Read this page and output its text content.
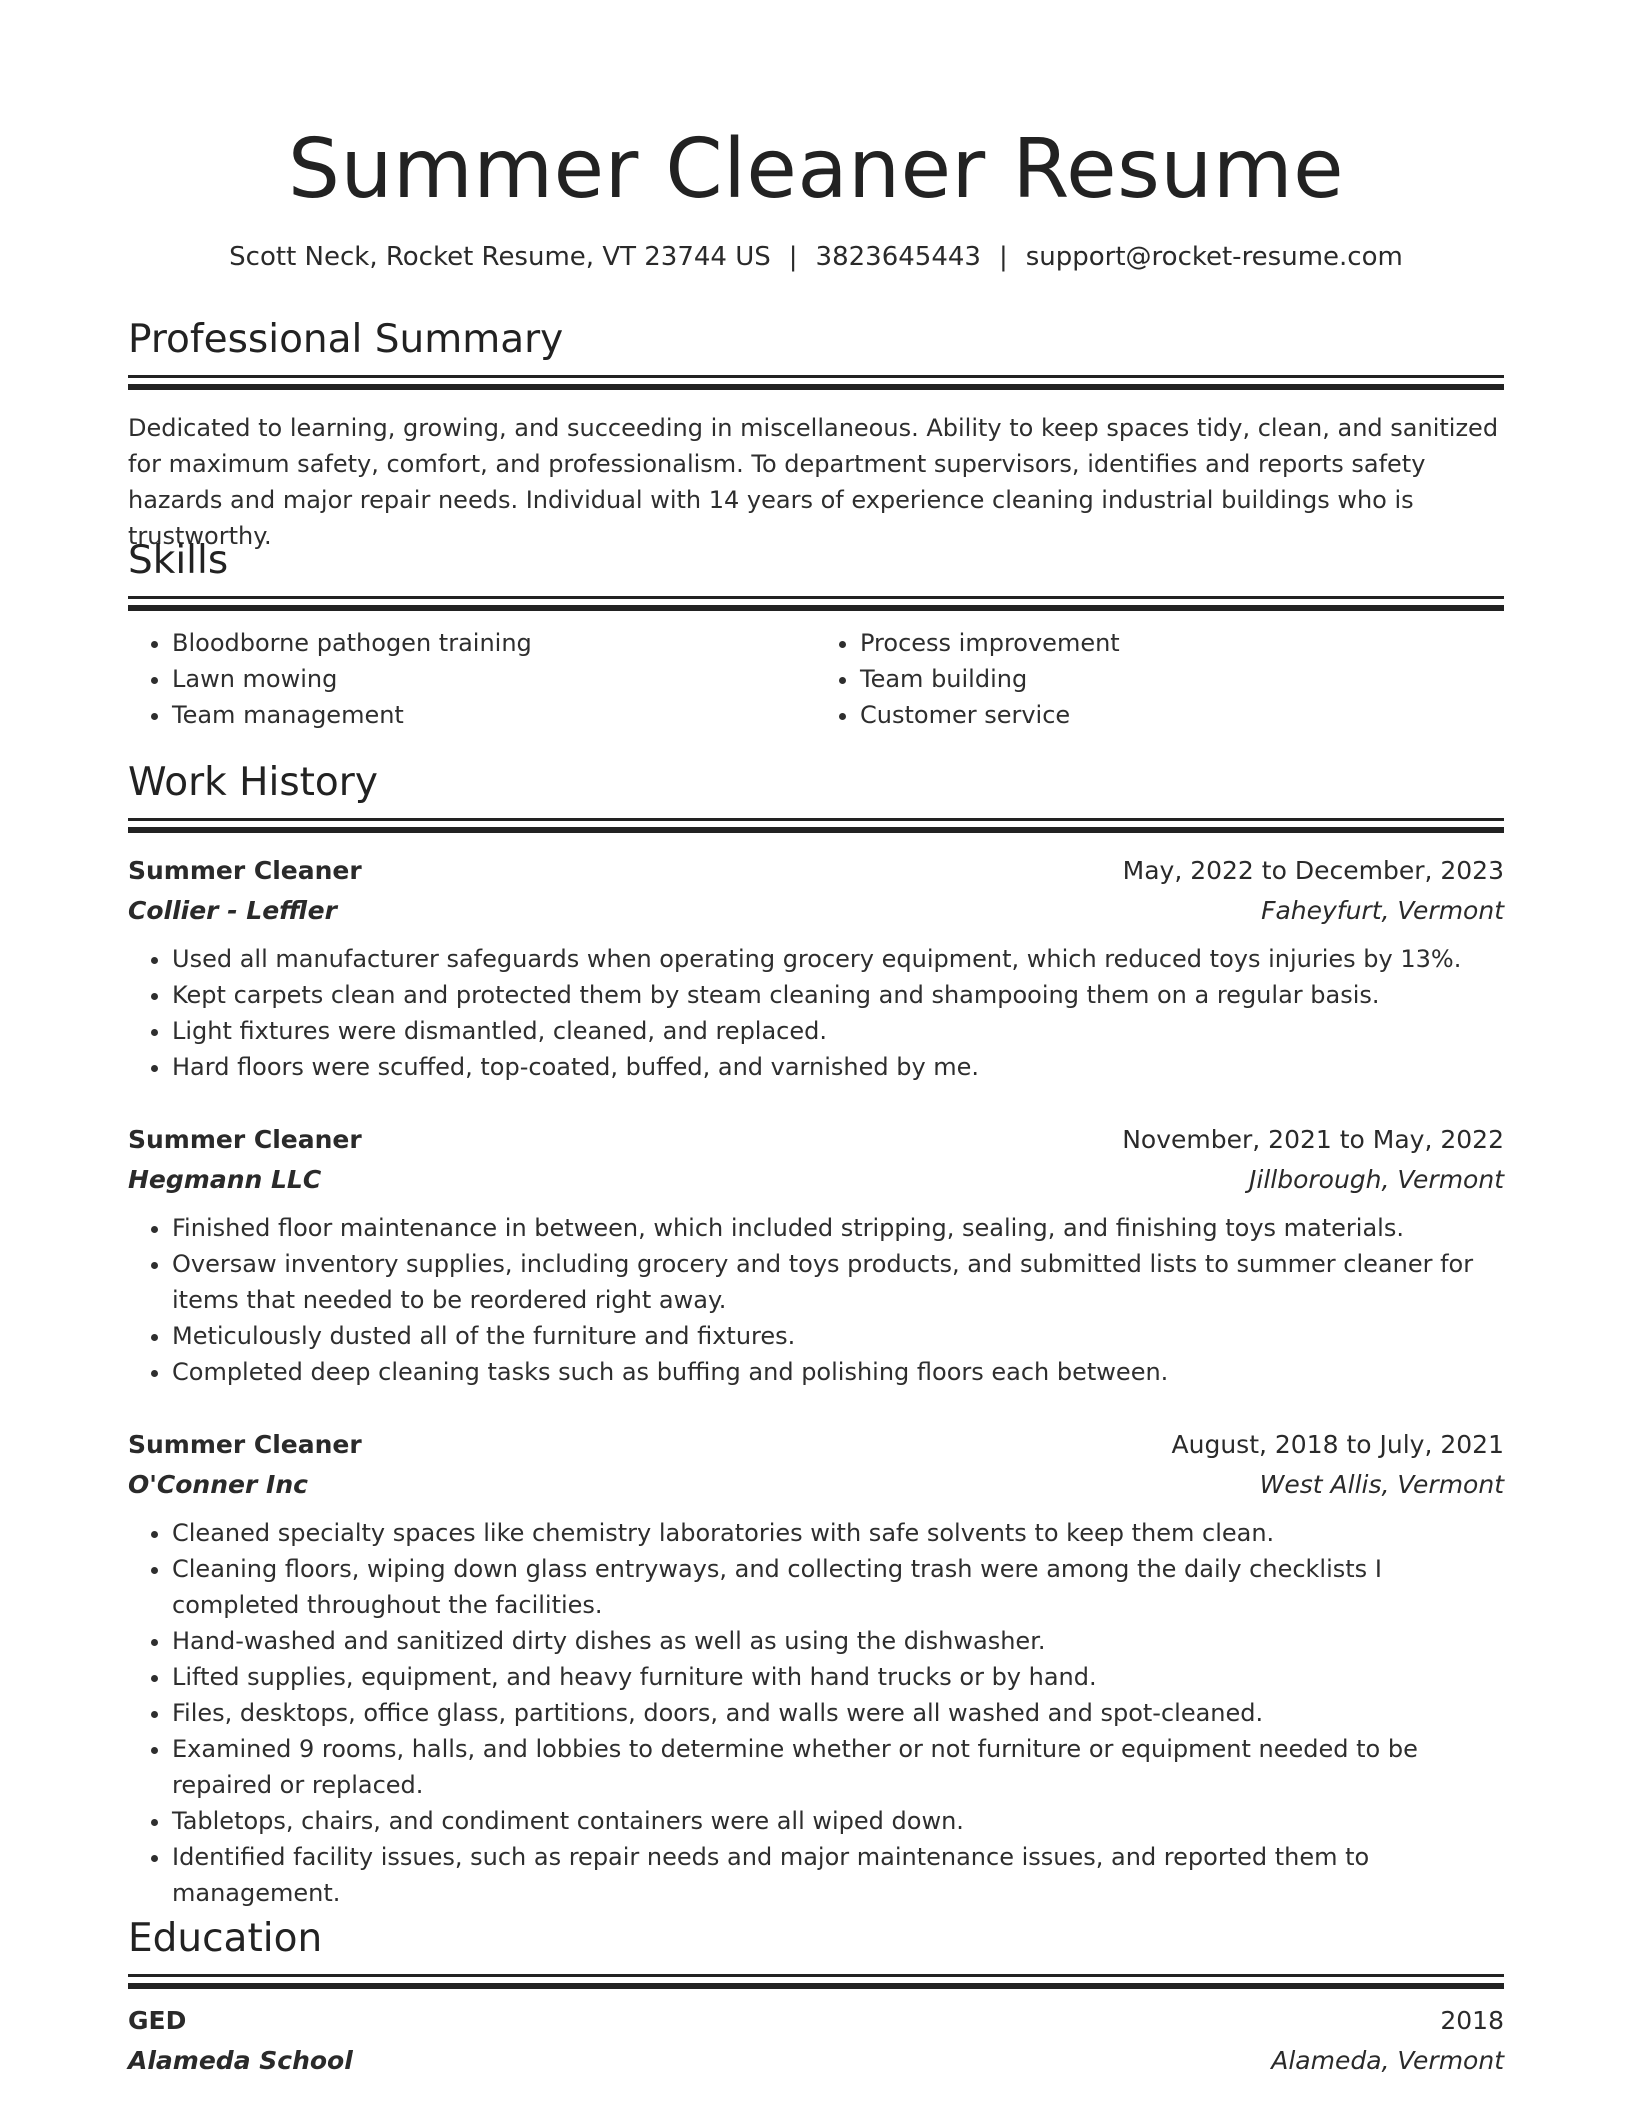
Summer Cleaner Resume
Scott Neck, Rocket Resume, VT 23744 US | 3823645443 | support@rocket-resume.com
Professional Summary
Dedicated to learning, growing, and succeeding in miscellaneous. Ability to keep spaces tidy, clean, and sanitized for maximum safety, comfort, and professionalism. To department supervisors, identifies and reports safety hazards and major repair needs. Individual with 14 years of experience cleaning industrial buildings who is trustworthy.
Skills
• Bloodborne pathogen training
• Lawn mowing
• Team management
• Process improvement
• Team building
• Customer service
Work History
Summer Cleaner	May, 2022 to December, 2023
Collier - Leffler	Faheyfurt, Vermont
• Used all manufacturer safeguards when operating grocery equipment, which reduced toys injuries by 13%.
• Kept carpets clean and protected them by steam cleaning and shampooing them on a regular basis.
• Light fixtures were dismantled, cleaned, and replaced.
• Hard floors were scuffed, top-coated, buffed, and varnished by me.
Summer Cleaner	November, 2021 to May, 2022
Hegmann LLC	Jillborough, Vermont
• Finished floor maintenance in between, which included stripping, sealing, and finishing toys materials.
• Oversaw inventory supplies, including grocery and toys products, and submitted lists to summer cleaner for items that needed to be reordered right away.
• Meticulously dusted all of the furniture and fixtures.
• Completed deep cleaning tasks such as buffing and polishing floors each between.
Summer Cleaner	August, 2018 to July, 2021
O'Conner Inc	West Allis, Vermont
• Cleaned specialty spaces like chemistry laboratories with safe solvents to keep them clean.
• Cleaning floors, wiping down glass entryways, and collecting trash were among the daily checklists I completed throughout the facilities.
• Hand-washed and sanitized dirty dishes as well as using the dishwasher.
• Lifted supplies, equipment, and heavy furniture with hand trucks or by hand.
• Files, desktops, office glass, partitions, doors, and walls were all washed and spot-cleaned.
• Examined 9 rooms, halls, and lobbies to determine whether or not furniture or equipment needed to be repaired or replaced.
• Tabletops, chairs, and condiment containers were all wiped down.
• Identified facility issues, such as repair needs and major maintenance issues, and reported them to management.
Education
GED	2018
Alameda School	Alameda, Vermont
